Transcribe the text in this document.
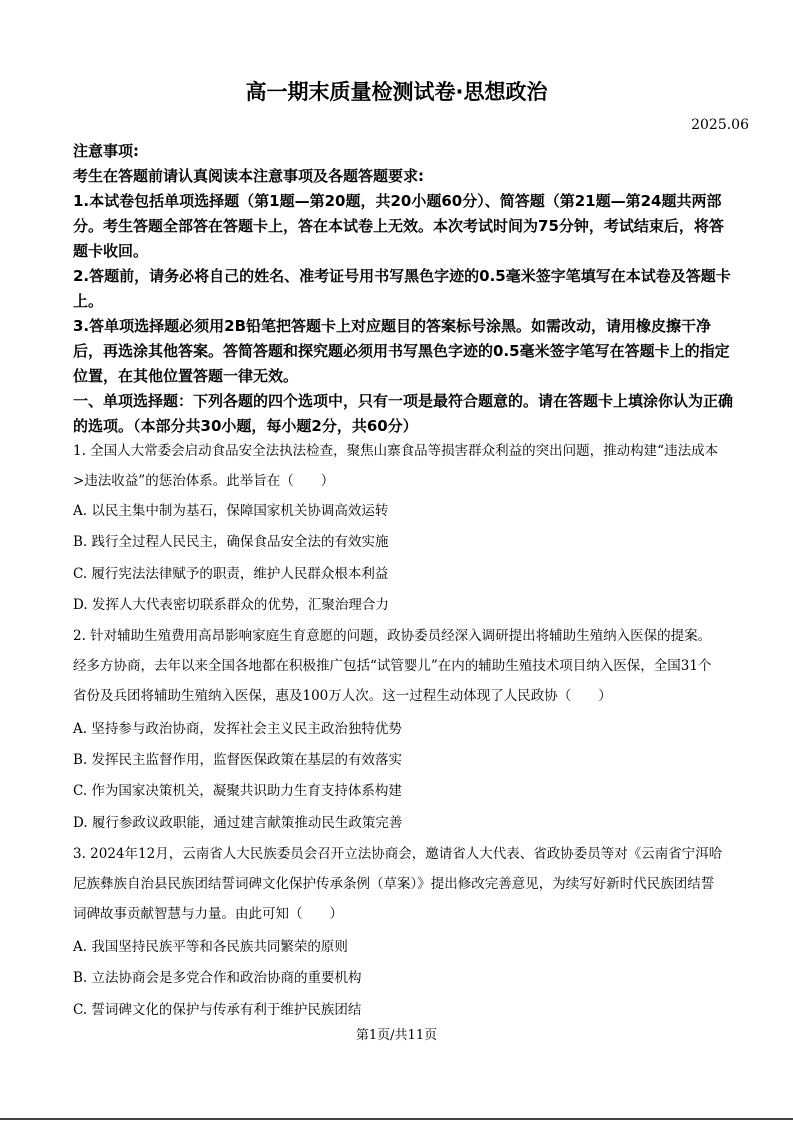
高一期末质量检测试卷·思想政治
2025.06
注意事项:
考生在答题前请认真阅读本注意事项及各题答题要求:
1.本试卷包括单项选择题（第1题—第20题，共20小题60分）、简答题（第21题—第24题共两部分。考生答题全部答在答题卡上，答在本试卷上无效。本次考试时间为75分钟，考试结束后，将答题卡收回。
2.答题前，请务必将自己的姓名、准考证号用书写黑色字迹的0.5毫米签字笔填写在本试卷及答题卡上。
3.答单项选择题必须用2B铅笔把答题卡上对应题目的答案标号涂黑。如需改动，请用橡皮擦干净后，再选涂其他答案。答简答题和探究题必须用书写黑色字迹的0.5毫米签字笔写在答题卡上的指定位置，在其他位置答题一律无效。
一、单项选择题：下列各题的四个选项中，只有一项是最符合题意的。请在答题卡上填涂你认为正确的选项。（本部分共30小题，每小题2分，共60分）
1. 全国人大常委会启动食品安全法执法检查，聚焦山寨食品等损害群众利益的突出问题，推动构建“违法成本>违法收益”的惩治体系。此举旨在（　　）
A. 以民主集中制为基石，保障国家机关协调高效运转
B. 践行全过程人民民主，确保食品安全法的有效实施
C. 履行宪法法律赋予的职责，维护人民群众根本利益
D. 发挥人大代表密切联系群众的优势，汇聚治理合力
2. 针对辅助生殖费用高昂影响家庭生育意愿的问题，政协委员经深入调研提出将辅助生殖纳入医保的提案。经多方协商，去年以来全国各地都在积极推广包括“试管婴儿”在内的辅助生殖技术项目纳入医保，全国31个省份及兵团将辅助生殖纳入医保，惠及100万人次。这一过程生动体现了人民政协（　　）
A. 坚持参与政治协商，发挥社会主义民主政治独特优势
B. 发挥民主监督作用，监督医保政策在基层的有效落实
C. 作为国家决策机关，凝聚共识助力生育支持体系构建
D. 履行参政议政职能，通过建言献策推动民生政策完善
3. 2024年12月，云南省人大民族委员会召开立法协商会，邀请省人大代表、省政协委员等对《云南省宁洱哈尼族彝族自治县民族团结誓词碑文化保护传承条例（草案）》提出修改完善意见，为续写好新时代民族团结誓词碑故事贡献智慧与力量。由此可知（　　）
A. 我国坚持民族平等和各民族共同繁荣的原则
B. 立法协商会是多党合作和政治协商的重要机构
C. 誓词碑文化的保护与传承有利于维护民族团结
第1页/共11页
